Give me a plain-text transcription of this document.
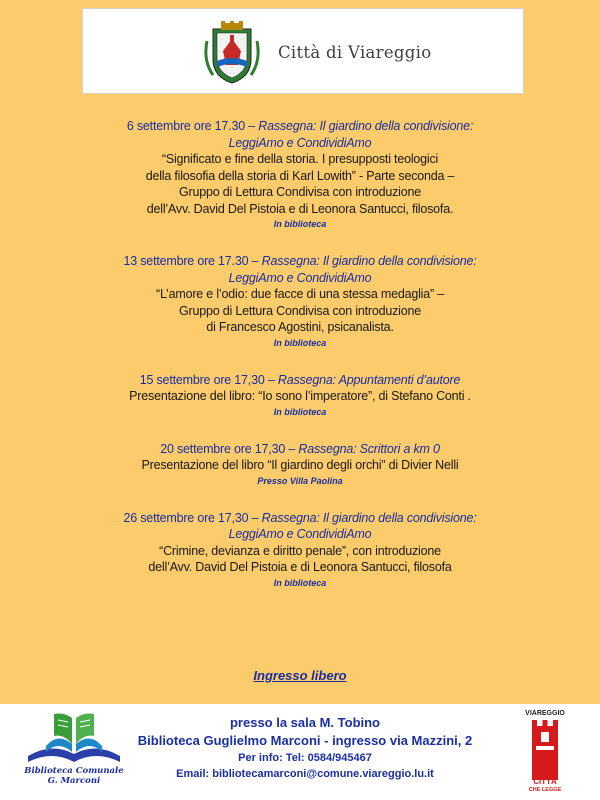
Città di Viareggio
6 settembre ore 17.30 – Rassegna: Il giardino della condivisione:
LeggiAmo e CondividiAmo
“Significato e fine della storia. I presupposti teologici
della filosofia della storia di Karl Lowith” - Parte seconda –
Gruppo di Lettura Condivisa con introduzione
dell’Avv. David Del Pistoia e di Leonora Santucci, filosofa.
In biblioteca
13 settembre ore 17.30 – Rassegna: Il giardino della condivisione:
LeggiAmo e CondividiAmo
“L’amore e l’odio: due facce di una stessa medaglia” –
Gruppo di Lettura Condivisa con introduzione
di Francesco Agostini, psicanalista.
In biblioteca
15 settembre ore 17,30 – Rassegna: Appuntamenti d’autore
Presentazione del libro: “Io sono l’imperatore”, di Stefano Conti .
In biblioteca
20 settembre ore 17,30 – Rassegna: Scrittori a km 0
Presentazione del libro “Il giardino degli orchi” di Divier Nelli
Presso Villa Paolina
26 settembre ore 17,30 – Rassegna: Il giardino della condivisione:
LeggiAmo e CondividiAmo
“Crimine, devianza e diritto penale”, con introduzione
dell’Avv. David Del Pistoia e di Leonora Santucci, filosofa
In biblioteca
Ingresso libero
Biblioteca Comunale
G. Marconi
presso la sala M. Tobino
Biblioteca Guglielmo Marconi - ingresso via Mazzini, 2
Per info: Tel: 0584/945467
Email: bibliotecamarconi@comune.viareggio.lu.it
VIAREGGIO
CITTÀ
CHE LEGGE
